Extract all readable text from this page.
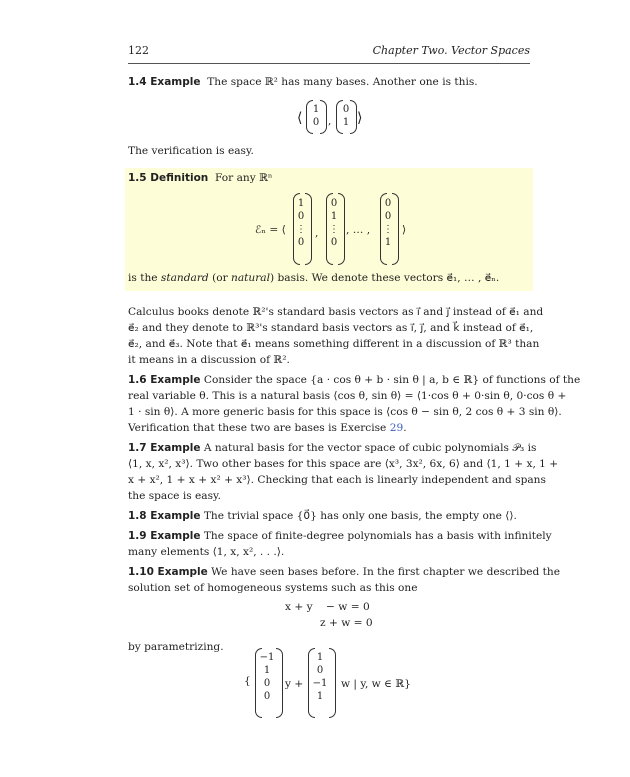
122	Chapter Two. Vector Spaces
1.4 Example The space ℝ² has many bases. Another one is this.
⟨
1
0 ,
0
1 ⟩
The verification is easy.
1.5 Definition For any ℝⁿ
ℰₙ = ⟨
1
0
⋮
0
,
0
1
⋮
0
, … ,
0
0
⋮
1
⟩
is the standard (or natural) basis. We denote these vectors e⃗₁, … , e⃗ₙ.
Calculus books denote ℝ²'s standard basis vectors as ı⃗ and ȷ⃗ instead of e⃗₁ and
e⃗₂ and they denote to ℝ³'s standard basis vectors as ı⃗, ȷ⃗, and k⃗ instead of e⃗₁,
e⃗₂, and e⃗₃. Note that e⃗₁ means something different in a discussion of ℝ³ than
it means in a discussion of ℝ².
1.6 Example Consider the space {a · cos θ + b · sin θ | a, b ∈ ℝ} of functions of the
real variable θ. This is a natural basis ⟨cos θ, sin θ⟩ = ⟨1·cos θ + 0·sin θ, 0·cos θ +
1 · sin θ⟩. A more generic basis for this space is ⟨cos θ − sin θ, 2 cos θ + 3 sin θ⟩.
Verification that these two are bases is Exercise 29.
1.7 Example A natural basis for the vector space of cubic polynomials 𝒫₃ is
⟨1, x, x², x³⟩. Two other bases for this space are ⟨x³, 3x², 6x, 6⟩ and ⟨1, 1 + x, 1 +
x + x², 1 + x + x² + x³⟩. Checking that each is linearly independent and spans
the space is easy.
1.8 Example The trivial space {0⃗} has only one basis, the empty one ⟨⟩.
1.9 Example The space of finite-degree polynomials has a basis with infinitely
many elements ⟨1, x, x², . . .⟩.
1.10 Example We have seen bases before. In the first chapter we described the
solution set of homogeneous systems such as this one
x + y    − w = 0
z + w = 0
by parametrizing.
{
−1
1
0
0
y +
1
0
−1
1
w | y, w ∈ ℝ}
